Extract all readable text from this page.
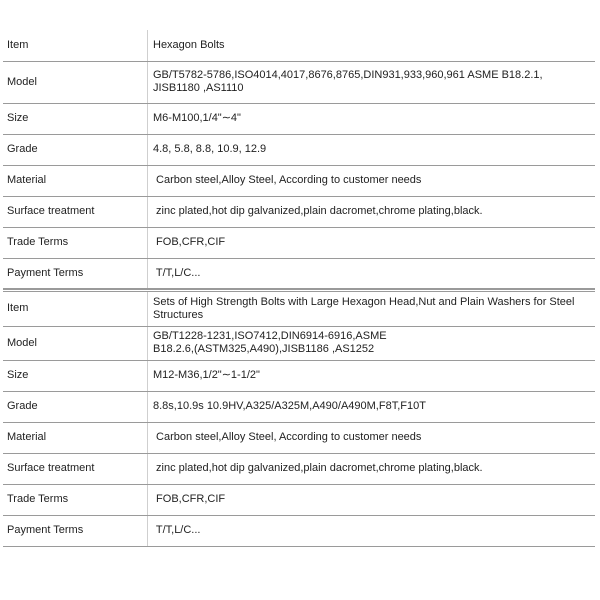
Item	Hexagon Bolts
Model	GB/T5782-5786,ISO4014,4017,8676,8765,DIN931,933,960,961 ASME B18.2.1,
JISB1180 ,AS1110
Size	M6-M100,1/4"∼4"
Grade	4.8, 5.8, 8.8, 10.9, 12.9
Material	Carbon steel,Alloy Steel, According to customer needs
Surface treatment	zinc plated,hot dip galvanized,plain dacromet,chrome plating,black.
Trade Terms	FOB,CFR,CIF
Payment Terms	T/T,L/C...
Item	Sets of High Strength Bolts with Large Hexagon Head,Nut and Plain Washers for Steel Structures
Model	GB/T1228-1231,ISO7412,DIN6914-6916,ASME
B18.2.6,(ASTM325,A490),JISB1186 ,AS1252
Size	M12-M36,1/2"∼1-1/2"
Grade	8.8s,10.9s 10.9HV,A325/A325M,A490/A490M,F8T,F10T
Material	Carbon steel,Alloy Steel, According to customer needs
Surface treatment	zinc plated,hot dip galvanized,plain dacromet,chrome plating,black.
Trade Terms	FOB,CFR,CIF
Payment Terms	T/T,L/C...
